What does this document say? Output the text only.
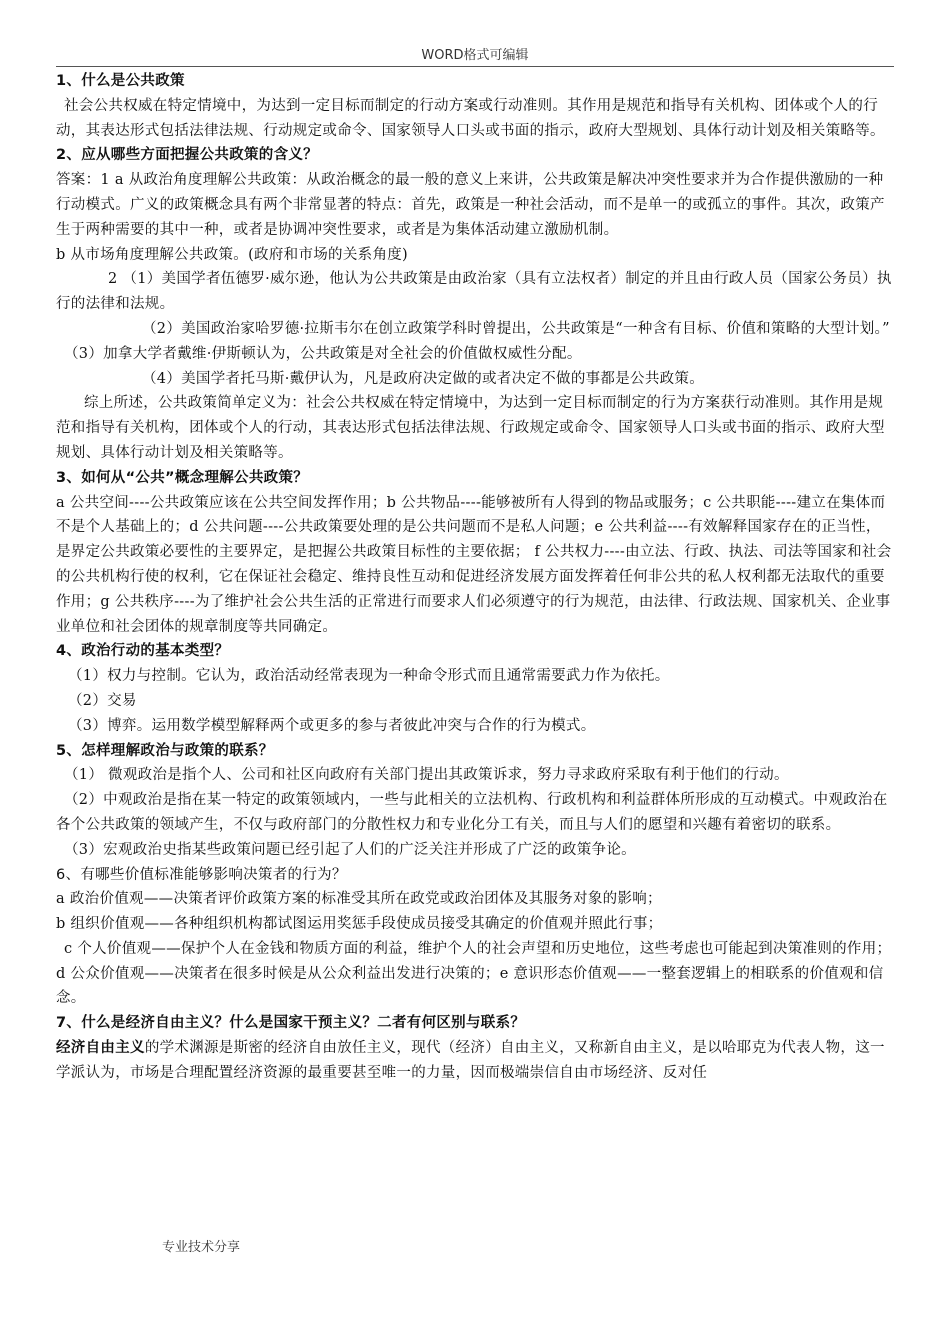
WORD格式可编辑

1、什么是公共政策

社会公共权威在特定情境中，为达到一定目标而制定的行动方案或行动准则。其作用是规范和指导有关机构、团体或个人的行动，其表达形式包括法律法规、行动规定或命令、国家领导人口头或书面的指示，政府大型规划、具体行动计划及相关策略等。

2、应从哪些方面把握公共政策的含义？

答案：1 a 从政治角度理解公共政策：从政治概念的最一般的意义上来讲，公共政策是解决冲突性要求并为合作提供激励的一种行动模式。广义的政策概念具有两个非常显著的特点：首先，政策是一种社会活动，而不是单一的或孤立的事件。其次，政策产生于两种需要的其中一种，或者是协调冲突性要求，或者是为集体活动建立激励机制。

b 从市场角度理解公共政策。(政府和市场的关系角度)

2 （1）美国学者伍德罗·威尔逊，他认为公共政策是由政治家（具有立法权者）制定的并且由行政人员（国家公务员）执行的法律和法规。

（2）美国政治家哈罗德·拉斯韦尔在创立政策学科时曾提出，公共政策是“一种含有目标、价值和策略的大型计划。”

（3）加拿大学者戴维·伊斯顿认为，公共政策是对全社会的价值做权威性分配。

（4）美国学者托马斯·戴伊认为，凡是政府决定做的或者决定不做的事都是公共政策。

综上所述，公共政策简单定义为：社会公共权威在特定情境中，为达到一定目标而制定的行为方案获行动准则。其作用是规范和指导有关机构，团体或个人的行动，其表达形式包括法律法规、行政规定或命令、国家领导人口头或书面的指示、政府大型规划、具体行动计划及相关策略等。

3、如何从“公共”概念理解公共政策？

a 公共空间----公共政策应该在公共空间发挥作用；b 公共物品----能够被所有人得到的物品或服务；c 公共职能----建立在集体而不是个人基础上的；d 公共问题----公共政策要处理的是公共问题而不是私人问题；e 公共利益----有效解释国家存在的正当性，是界定公共政策必要性的主要界定，是把握公共政策目标性的主要依据； f 公共权力----由立法、行政、执法、司法等国家和社会的公共机构行使的权利，它在保证社会稳定、维持良性互动和促进经济发展方面发挥着任何非公共的私人权利都无法取代的重要作用；g 公共秩序----为了维护社会公共生活的正常进行而要求人们必须遵守的行为规范，由法律、行政法规、国家机关、企业事业单位和社会团体的规章制度等共同确定。

4、政治行动的基本类型？

（1）权力与控制。它认为，政治活动经常表现为一种命令形式而且通常需要武力作为依托。

（2）交易

（3）博弈。运用数学模型解释两个或更多的参与者彼此冲突与合作的行为模式。

5、怎样理解政治与政策的联系？

（1） 微观政治是指个人、公司和社区向政府有关部门提出其政策诉求，努力寻求政府采取有利于他们的行动。

（2）中观政治是指在某一特定的政策领域内，一些与此相关的立法机构、行政机构和利益群体所形成的互动模式。中观政治在各个公共政策的领域产生，不仅与政府部门的分散性权力和专业化分工有关，而且与人们的愿望和兴趣有着密切的联系。

（3）宏观政治史指某些政策问题已经引起了人们的广泛关注并形成了广泛的政策争论。

6、有哪些价值标准能够影响决策者的行为？

a 政治价值观——决策者评价政策方案的标准受其所在政党或政治团体及其服务对象的影响；

b 组织价值观——各种组织机构都试图运用奖惩手段使成员接受其确定的价值观并照此行事；

c 个人价值观——保护个人在金钱和物质方面的利益，维护个人的社会声望和历史地位，这些考虑也可能起到决策准则的作用；

d 公众价值观——决策者在很多时候是从公众利益出发进行决策的；e 意识形态价值观——一整套逻辑上的相联系的价值观和信念。

7、什么是经济自由主义？什么是国家干预主义？二者有何区别与联系？

经济自由主义的学术渊源是斯密的经济自由放任主义，现代（经济）自由主义，又称新自由主义，是以哈耶克为代表人物，这一学派认为，市场是合理配置经济资源的最重要甚至唯一的力量，因而极端崇信自由市场经济、反对任

专业技术分享
